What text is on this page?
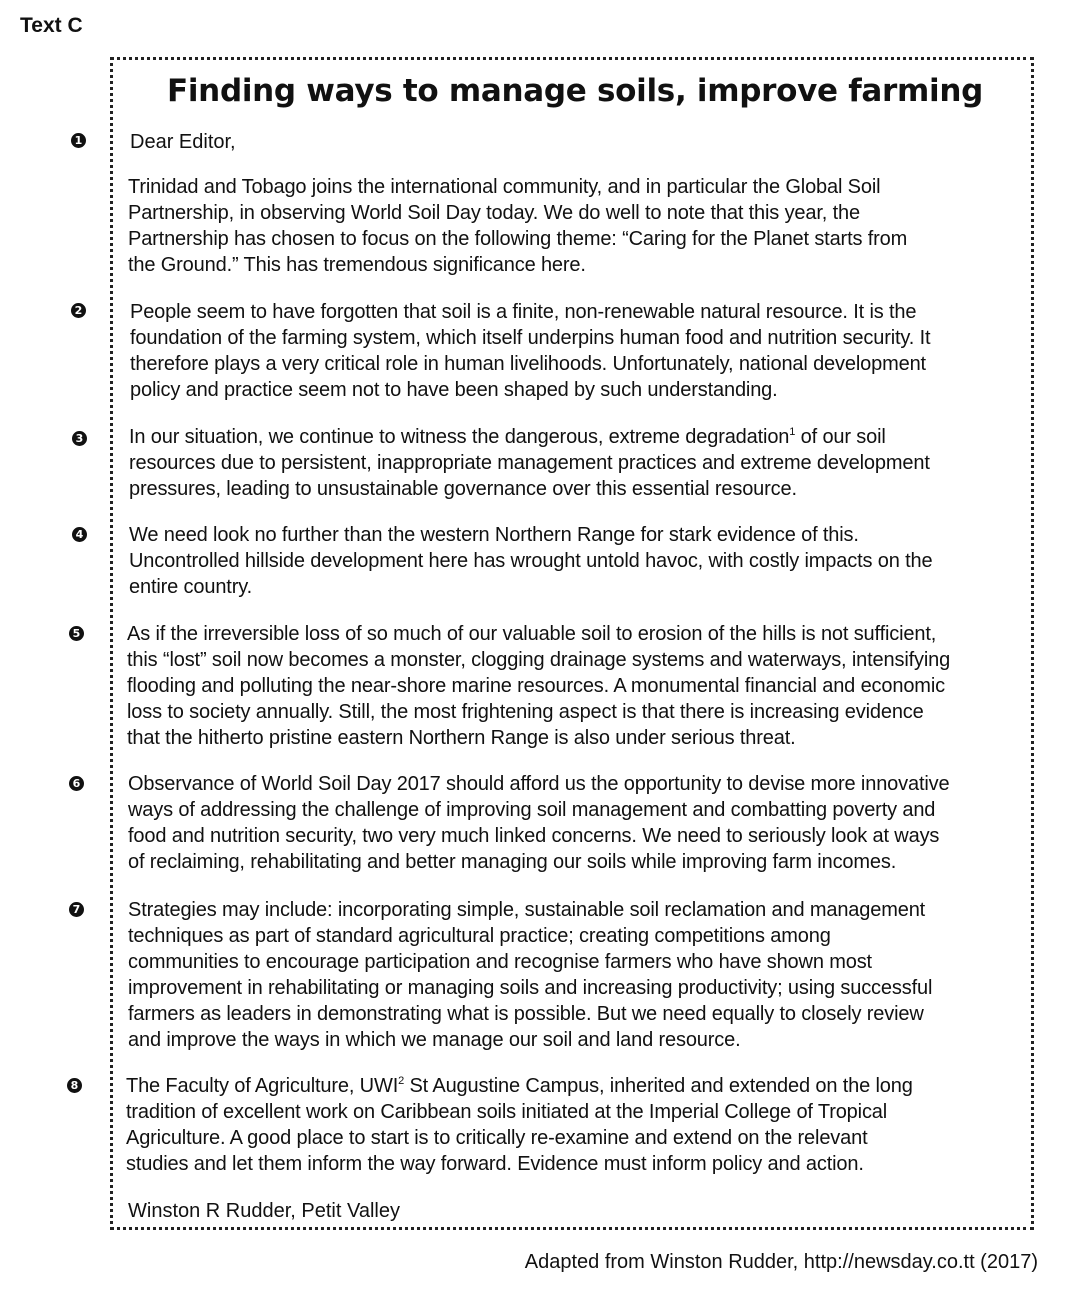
Text C
Finding ways to manage soils, improve farming
1 Dear Editor,
Trinidad and Tobago joins the international community, and in particular the Global Soil
Partnership, in observing World Soil Day today. We do well to note that this year, the
Partnership has chosen to focus on the following theme: “Caring for the Planet starts from
the Ground.” This has tremendous significance here.
2 People seem to have forgotten that soil is a finite, non-renewable natural resource. It is the
foundation of the farming system, which itself underpins human food and nutrition security. It
therefore plays a very critical role in human livelihoods. Unfortunately, national development
policy and practice seem not to have been shaped by such understanding.
3 In our situation, we continue to witness the dangerous, extreme degradation$^1$ of our soil
resources due to persistent, inappropriate management practices and extreme development
pressures, leading to unsustainable governance over this essential resource.
4 We need look no further than the western Northern Range for stark evidence of this.
Uncontrolled hillside development here has wrought untold havoc, with costly impacts on the
entire country.
5 As if the irreversible loss of so much of our valuable soil to erosion of the hills is not sufficient,
this “lost” soil now becomes a monster, clogging drainage systems and waterways, intensifying
flooding and polluting the near-shore marine resources. A monumental financial and economic
loss to society annually. Still, the most frightening aspect is that there is increasing evidence
that the hitherto pristine eastern Northern Range is also under serious threat.
6 Observance of World Soil Day 2017 should afford us the opportunity to devise more innovative
ways of addressing the challenge of improving soil management and combatting poverty and
food and nutrition security, two very much linked concerns. We need to seriously look at ways
of reclaiming, rehabilitating and better managing our soils while improving farm incomes.
7 Strategies may include: incorporating simple, sustainable soil reclamation and management
techniques as part of standard agricultural practice; creating competitions among
communities to encourage participation and recognise farmers who have shown most
improvement in rehabilitating or managing soils and increasing productivity; using successful
farmers as leaders in demonstrating what is possible. But we need equally to closely review
and improve the ways in which we manage our soil and land resource.
8 The Faculty of Agriculture, UWI$^2$ St Augustine Campus, inherited and extended on the long
tradition of excellent work on Caribbean soils initiated at the Imperial College of Tropical
Agriculture. A good place to start is to critically re-examine and extend on the relevant
studies and let them inform the way forward. Evidence must inform policy and action.
Winston R Rudder, Petit Valley
Adapted from Winston Rudder, http://newsday.co.tt (2017)
